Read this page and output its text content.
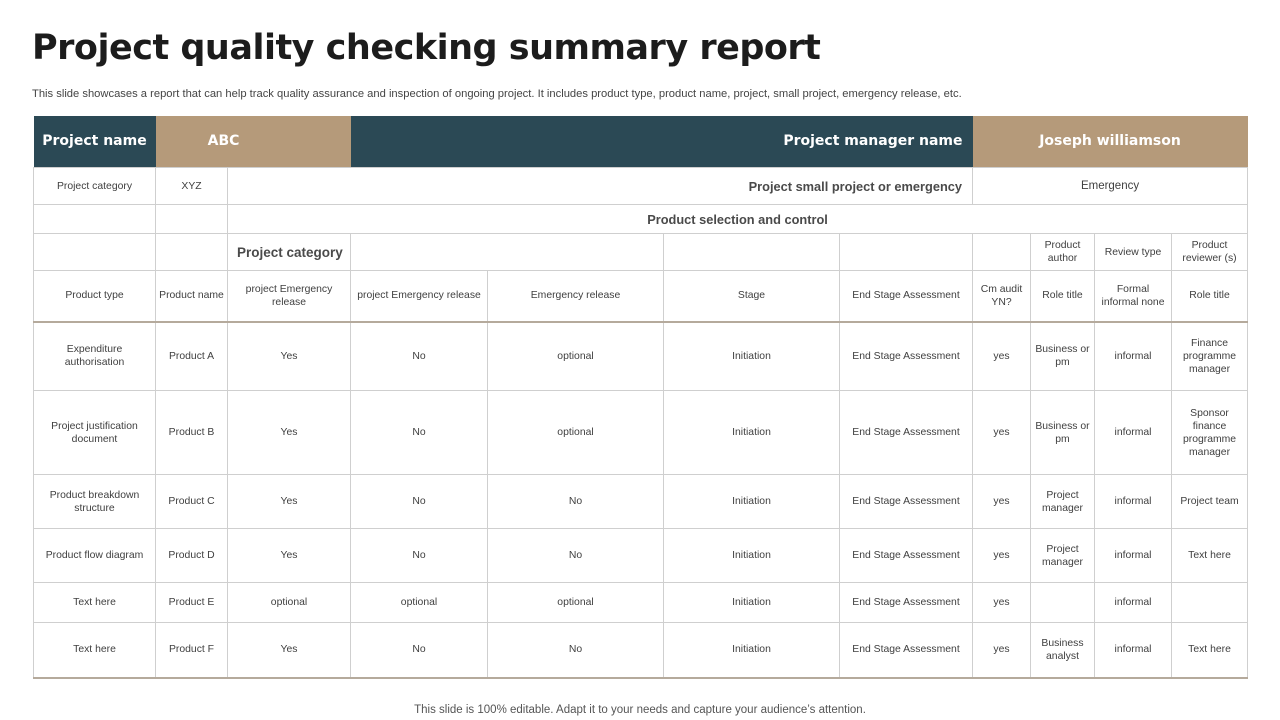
Project quality checking summary report
This slide showcases a report that can help track quality assurance and inspection of ongoing project. It includes product type, product name, project, small project, emergency release, etc.
Project name	ABC		Project manager name				Joseph williamson			
Project category	XYZ	Project small project or emergency					Emergency			
		Product selection and control								
		Project category						Product author	Review type	Product reviewer (s)
Product type	Product name	project Emergency release	project Emergency release	Emergency release	Stage	End Stage Assessment	Cm audit YN?	Role title	Formal informal none	Role title
Expenditure authorisation	Product A	Yes	No	optional	Initiation	End Stage Assessment	yes	Business or pm	informal	Finance programme manager
Project justification document	Product B	Yes	No	optional	Initiation	End Stage Assessment	yes	Business or pm	informal	Sponsor finance programme manager
Product breakdown structure	Product C	Yes	No	No	Initiation	End Stage Assessment	yes	Project manager	informal	Project team
Product flow diagram	Product D	Yes	No	No	Initiation	End Stage Assessment	yes	Project manager	informal	Text here
Text here	Product E	optional	optional	optional	Initiation	End Stage Assessment	yes		informal	
Text here	Product F	Yes	No	No	Initiation	End Stage Assessment	yes	Business analyst	informal	Text here
This slide is 100% editable. Adapt it to your needs and capture your audience’s attention.
